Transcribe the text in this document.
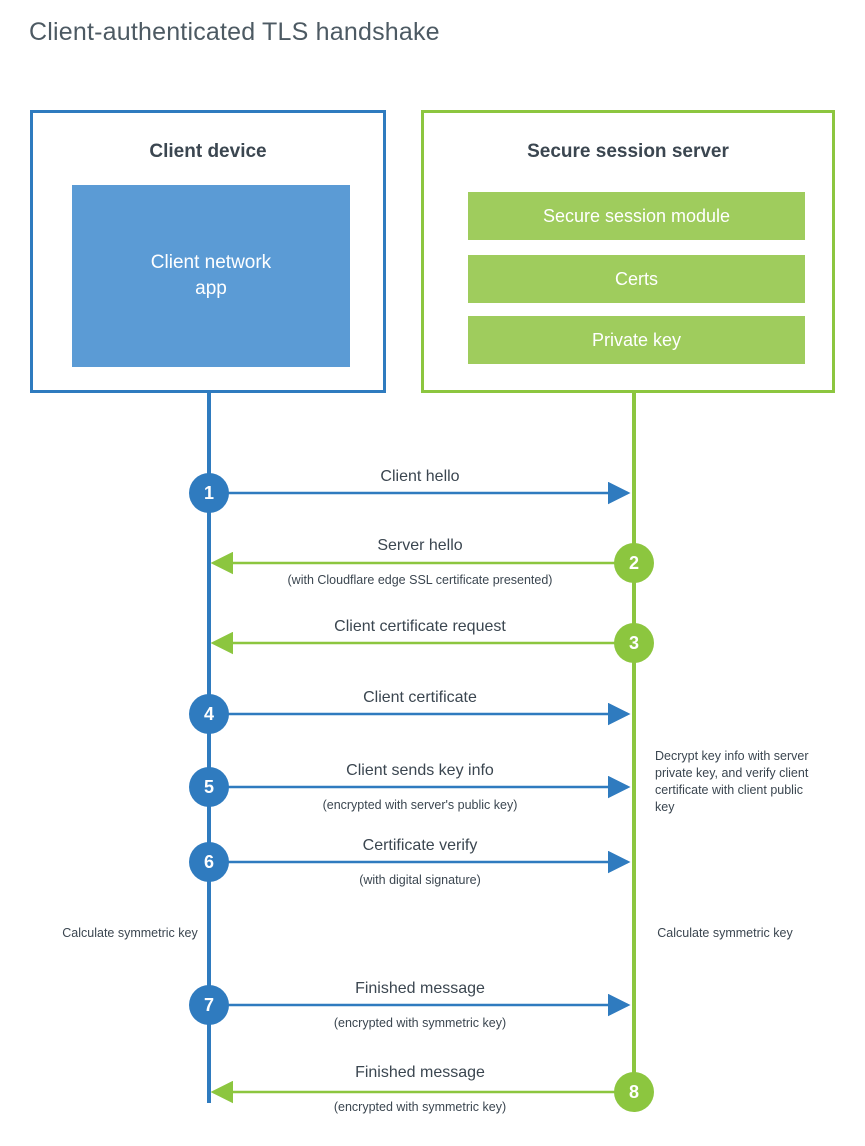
Client-authenticated TLS handshake
Client device
Client network
app
Secure session server
Secure session module
Certs
Private key
1
2
3
4
5
6
7
8
Client hello
Server hello
(with Cloudflare edge SSL certificate presented)
Client certificate request
Client certificate
Client sends key info
(encrypted with server's public key)
Certificate verify
(with digital signature)
Finished message
(encrypted with symmetric key)
Finished message
(encrypted with symmetric key)
Decrypt key info with server private key, and verify client certificate with client public key
Calculate symmetric key	Calculate symmetric key
